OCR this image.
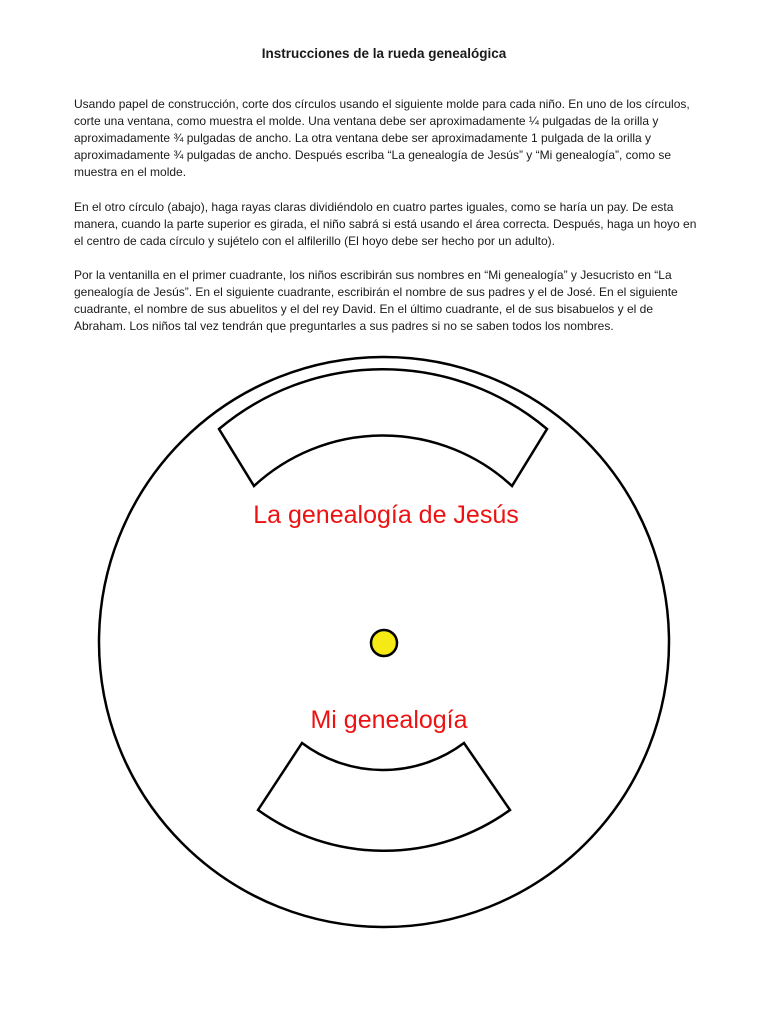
Instrucciones de la rueda genealógica

Usando papel de construcción, corte dos círculos usando el siguiente molde para cada niño. En uno de los círculos, corte una ventana, como muestra el molde. Una ventana debe ser aproximadamente ¼ pulgadas de la orilla y aproximadamente ¾ pulgadas de ancho. La otra ventana debe ser aproximadamente 1 pulgada de la orilla y aproximadamente ¾ pulgadas de ancho. Después escriba “La genealogía de Jesús” y “Mi genealogía”, como se muestra en el molde.

En el otro círculo (abajo), haga rayas claras dividiéndolo en cuatro partes iguales, como se haría un pay. De esta manera, cuando la parte superior es girada, el niño sabrá si está usando el área correcta. Después, haga un hoyo en el centro de cada círculo y sujételo con el alfilerillo (El hoyo debe ser hecho por un adulto).

Por la ventanilla en el primer cuadrante, los niños escribirán sus nombres en “Mi genealogía” y Jesucristo en “La genealogía de Jesús”. En el siguiente cuadrante, escribirán el nombre de sus padres y el de José. En el siguiente cuadrante, el nombre de sus abuelitos y el del rey David. En el último cuadrante, el de sus bisabuelos y el de Abraham. Los niños tal vez tendrán que preguntarles a sus padres si no se saben todos los nombres.

La genealogía de Jesús
Mi genealogía
